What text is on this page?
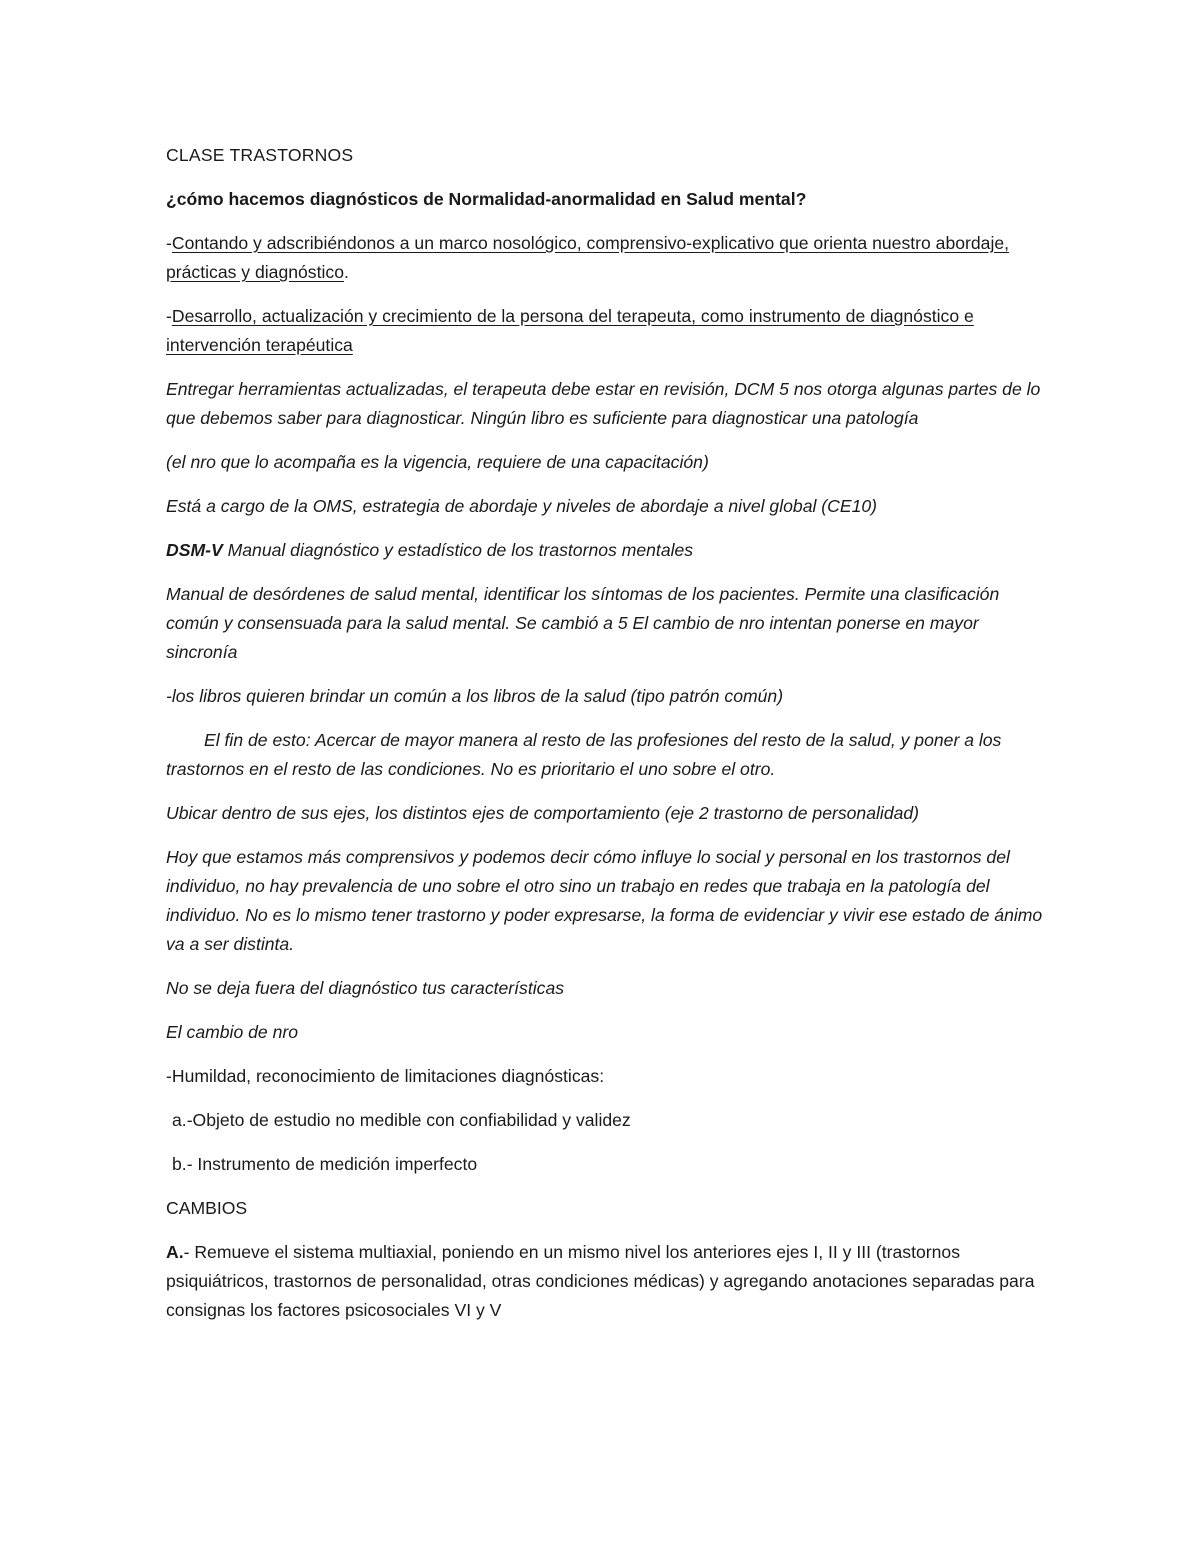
CLASE TRASTORNOS

¿cómo hacemos diagnósticos de Normalidad-anormalidad en Salud mental?

-Contando y adscribiéndonos a un marco nosológico, comprensivo-explicativo que orienta nuestro abordaje, prácticas y diagnóstico.

-Desarrollo, actualización y crecimiento de la persona del terapeuta, como instrumento de diagnóstico e intervención terapéutica

Entregar herramientas actualizadas, el terapeuta debe estar en revisión, DCM 5 nos otorga algunas partes de lo que debemos saber para diagnosticar. Ningún libro es suficiente para diagnosticar una patología

(el nro que lo acompaña es la vigencia, requiere de una capacitación)

Está a cargo de la OMS, estrategia de abordaje y niveles de abordaje a nivel global (CE10)

DSM-V Manual diagnóstico y estadístico de los trastornos mentales

Manual de desórdenes de salud mental, identificar los síntomas de los pacientes. Permite una clasificación común y consensuada para la salud mental. Se cambió a 5 El cambio de nro intentan ponerse en mayor sincronía

-los libros quieren brindar un común a los libros de la salud (tipo patrón común)

El fin de esto: Acercar de mayor manera al resto de las profesiones del resto de la salud, y poner a los trastornos en el resto de las condiciones. No es prioritario el uno sobre el otro.

Ubicar dentro de sus ejes, los distintos ejes de comportamiento (eje 2 trastorno de personalidad)

Hoy que estamos más comprensivos y podemos decir cómo influye lo social y personal en los trastornos del individuo, no hay prevalencia de uno sobre el otro sino un trabajo en redes que trabaja en la patología del individuo. No es lo mismo tener trastorno y poder expresarse, la forma de evidenciar y vivir ese estado de ánimo va a ser distinta.

No se deja fuera del diagnóstico tus características

El cambio de nro

-Humildad, reconocimiento de limitaciones diagnósticas:

a.-Objeto de estudio no medible con confiabilidad y validez

b.- Instrumento de medición imperfecto

CAMBIOS

A.- Remueve el sistema multiaxial, poniendo en un mismo nivel los anteriores ejes I, II y III (trastornos psiquiátricos, trastornos de personalidad, otras condiciones médicas) y agregando anotaciones separadas para consignas los factores psicosociales VI y V
